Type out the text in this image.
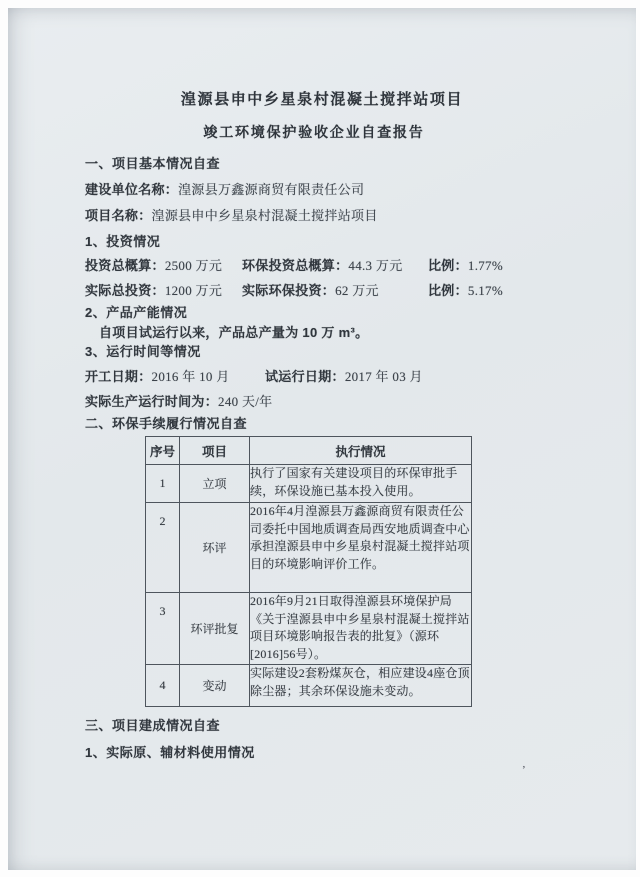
湟源县申中乡星泉村混凝土搅拌站项目
竣工环境保护验收企业自查报告
一、项目基本情况自查

建设单位名称：湟源县万鑫源商贸有限责任公司

项目名称：湟源县申中乡星泉村混凝土搅拌站项目

1、投资情况

投资总概算：2500 万元	环保投资总概算：44.3 万元	比例：1.77%

实际总投资：1200 万元	实际环保投资：62 万元	比例：5.17%

2、产品产能情况

自项目试运行以来，产品总产量为 10 万 m³。

3、运行时间等情况

开工日期：2016 年 10 月	试运行日期：2017 年 03 月

实际生产运行时间为：240 天/年

二、环保手续履行情况自查
序号	项目	执行情况
1	立项	执行了国家有关建设项目的环保审批手续，环保设施已基本投入使用。
2	环评	2016年4月湟源县万鑫源商贸有限责任公司委托中国地质调查局西安地质调查中心承担湟源县申中乡星泉村混凝土搅拌站项目的环境影响评价工作。
3	环评批复	2016年9月21日取得湟源县环境保护局《关于湟源县申中乡星泉村混凝土搅拌站项目环境影响报告表的批复》（源环[2016]56号）。
4	变动	实际建设2套粉煤灰仓，相应建设4座仓顶除尘器；其余环保设施未变动。
三、项目建成情况自查
1、实际原、辅材料使用情况
ʼ
